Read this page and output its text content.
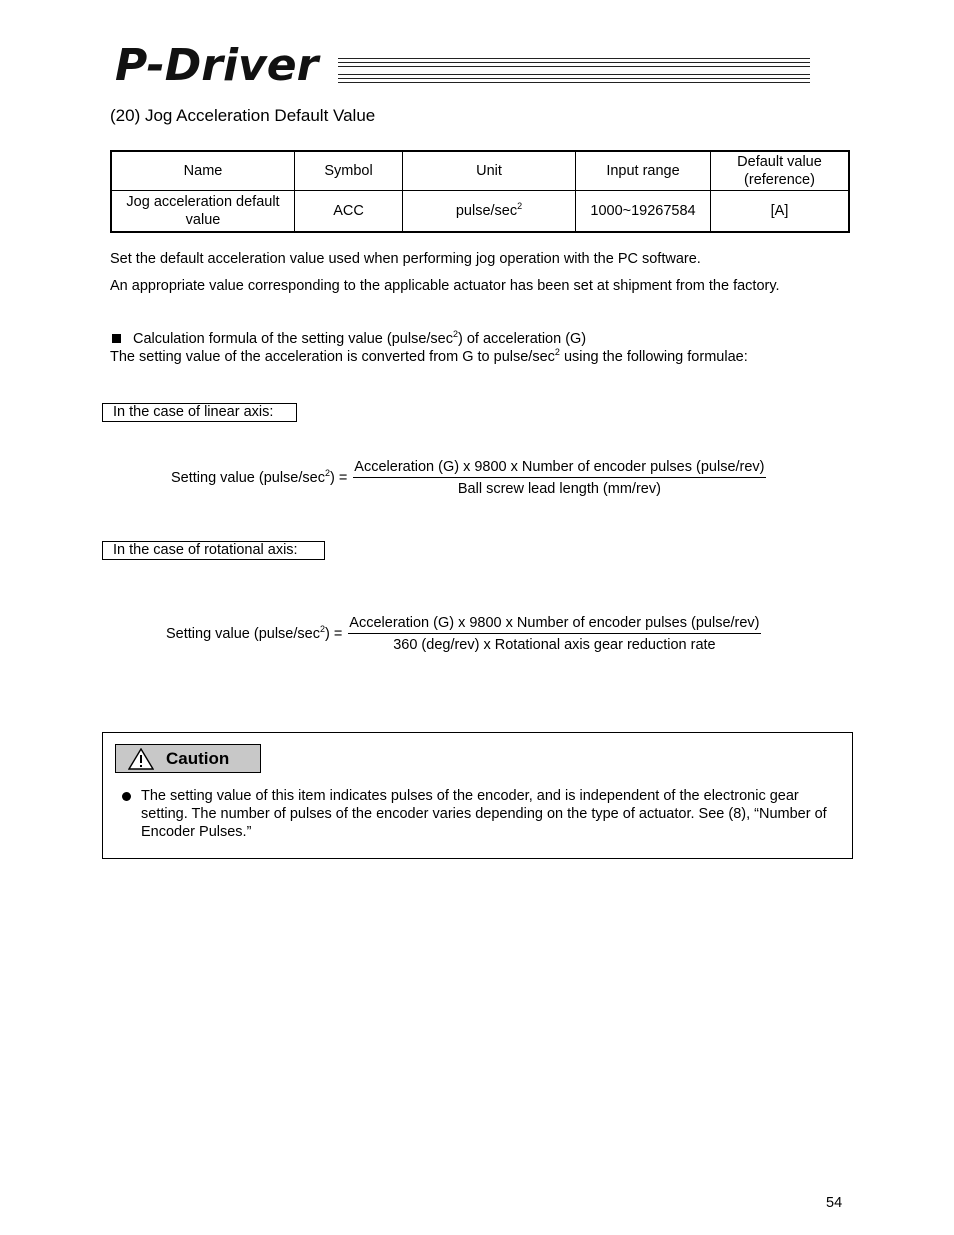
P-Driver
(20) Jog Acceleration Default Value
Name	Symbol	Unit	Input range	Default value
(reference)
Jog acceleration default value	ACC	pulse/$\sec^2$	1000~19267584	[A]
Set the default acceleration value used when performing jog operation with the PC software.
An appropriate value corresponding to the applicable actuator has been set at shipment from the factory.
Calculation formula of the setting value $(pulse/\sec^2)$ of acceleration (G)
The setting value of the acceleration is converted from G to pulse/$\sec^2$ using the following formulae:
In the case of linear axis:
Setting value $(pulse/\sec^2)$ =
Acceleration (G) x 9800 x Number of encoder pulses (pulse/rev)
Ball screw lead length (mm/rev)
In the case of rotational axis:
Setting value $(pulse/\sec^2)$ =
Acceleration (G) x 9800 x Number of encoder pulses (pulse/rev)
360 (deg/rev) x Rotational axis gear reduction rate
Caution
The setting value of this item indicates pulses of the encoder, and is independent of the electronic gear setting. The number of pulses of the encoder varies depending on the type of actuator. See (8), “Number of Encoder Pulses.”
54
